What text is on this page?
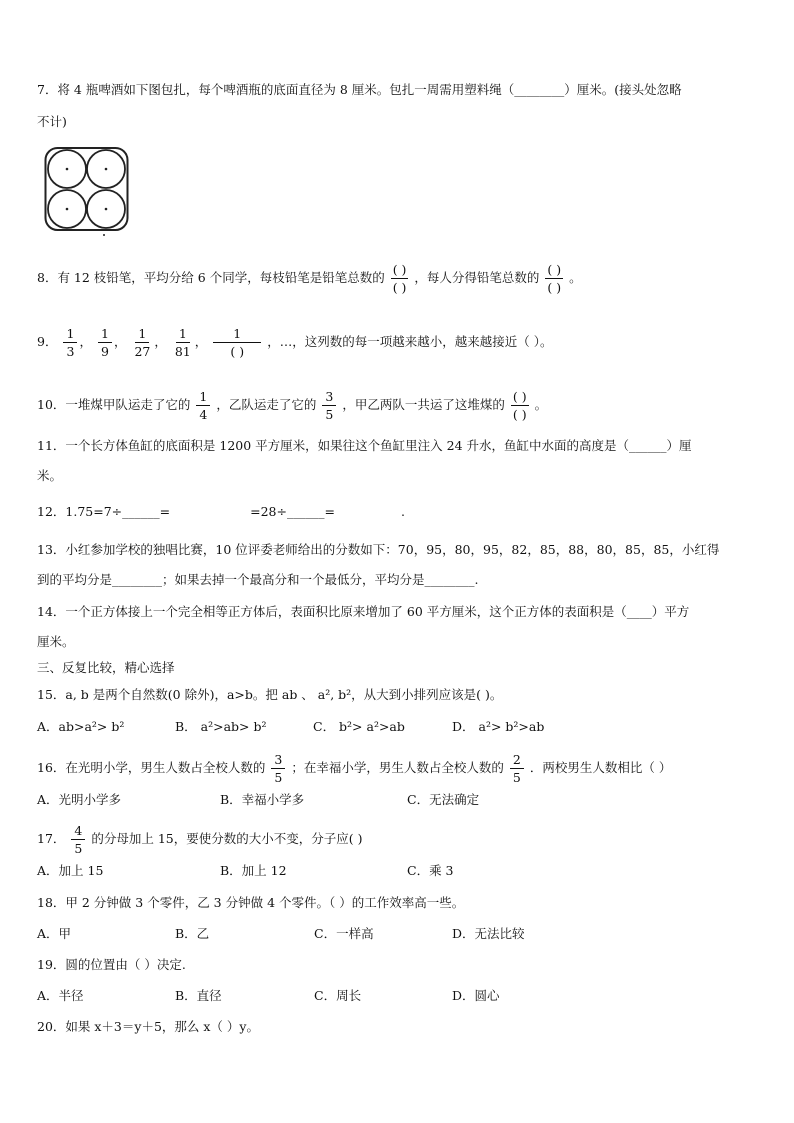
7．将 4 瓶啤酒如下图包扎，每个啤酒瓶的底面直径为 8 厘米。包扎一周需用塑料绳（________）厘米。(接头处忽略
不计)
8．有 12 枝铅笔，平均分给 6 个同学，每枝铅笔是铅笔总数的 $\frac{( )}{( )}$ ，每人分得铅笔总数的 $\frac{( )}{( )}$ 。
9． $\frac{1}{3}$ ， $\frac{1}{9}$ ， $\frac{1}{27}$ ， $\frac{1}{81}$ ， $\frac{1}{( )}$ ，…，这列数的每一项越来越小，越来越接近（ ）。
10．一堆煤甲队运走了它的 $\frac{1}{4}$ ，乙队运走了它的 $\frac{3}{5}$ ，甲乙两队一共运了这堆煤的 $\frac{( )}{( )}$ 。
11．一个长方体鱼缸的底面积是 1200 平方厘米，如果往这个鱼缸里注入 24 升水，鱼缸中水面的高度是（______）厘
米。
12．1.75=7÷______=	=28÷______=	.
13．小红参加学校的独唱比赛，10 位评委老师给出的分数如下：70，95，80，95，82，85，88，80，85，85，小红得
到的平均分是________；如果去掉一个最高分和一个最低分，平均分是________.
14．一个正方体接上一个完全相等正方体后，表面积比原来增加了 60 平方厘米，这个正方体的表面积是（____）平方
厘米。
三、反复比较，精心选择
15．a, b 是两个自然数(0 除外)，a>b。把 ab 、 a², b²，从大到小排列应该是( )。
A．ab>a²> b²	B． a²>ab> b²	C． b²> a²>ab	D． a²> b²>ab
16．在光明小学，男生人数占全校人数的 $\frac{3}{5}$ ；在幸福小学，男生人数占全校人数的 $\frac{2}{5}$ ．两校男生人数相比（ ）
A．光明小学多	B．幸福小学多	C．无法确定
17． $\frac{4}{5}$ 的分母加上 15，要使分数的大小不变，分子应( )
A．加上 15	B．加上 12	C．乘 3
18．甲 2 分钟做 3 个零件，乙 3 分钟做 4 个零件。（ ）的工作效率高一些。
A．甲	B．乙	C．一样高	D．无法比较
19．圆的位置由（ ）决定.
A．半径	B．直径	C．周长	D．圆心
20．如果 x＋3＝y＋5，那么 x（ ）y。
